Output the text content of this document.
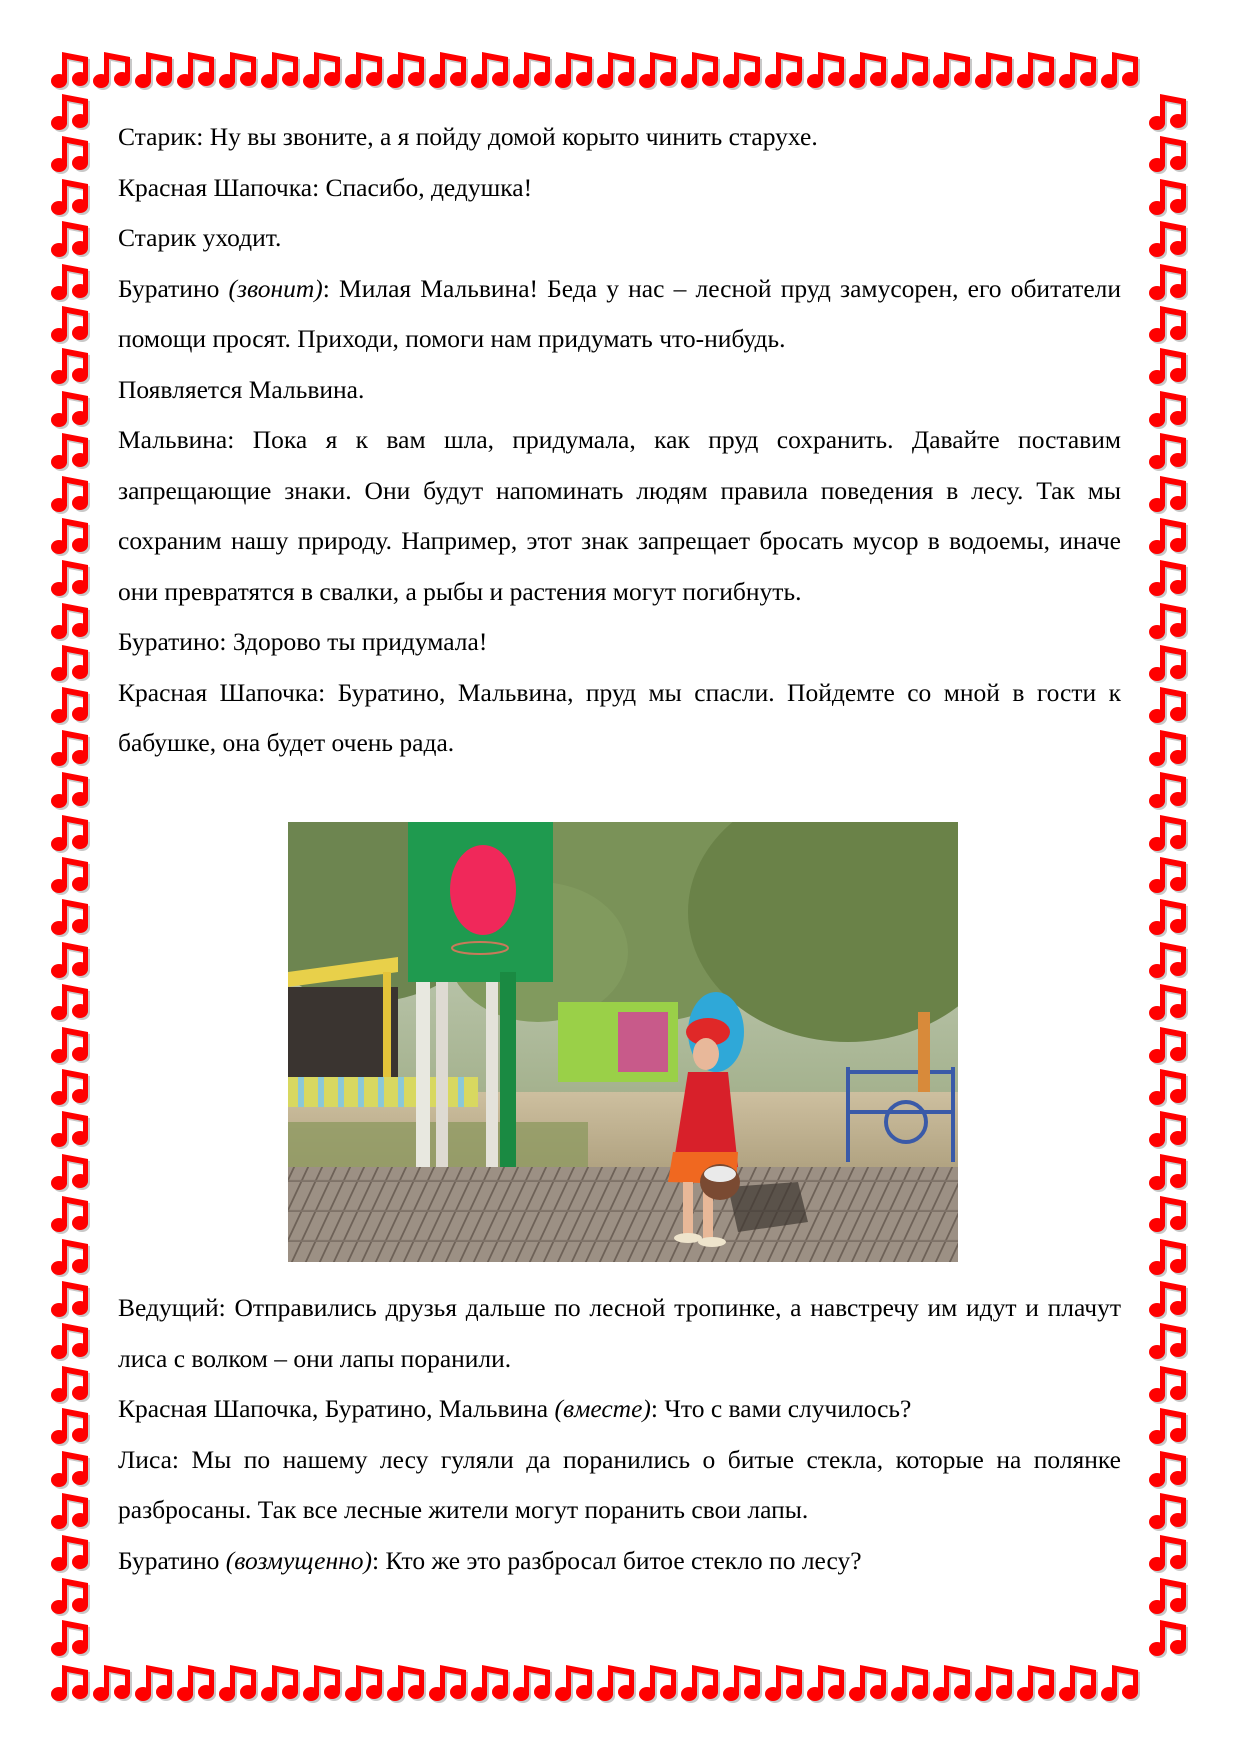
Старик: Ну вы звоните, а я пойду домой корыто чинить старухе.

Красная Шапочка: Спасибо, дедушка!

Старик уходит.

Буратино (звонит): Милая Мальвина! Беда у нас – лесной пруд замусорен, его обитатели помощи просят. Приходи, помоги нам придумать что-нибудь.

Появляется Мальвина.

Мальвина: Пока я к вам шла, придумала, как пруд сохранить. Давайте поставим запрещающие знаки. Они будут напоминать людям правила поведения в лесу. Так мы сохраним нашу природу. Например, этот знак запрещает бросать мусор в водоемы, иначе они превратятся в свалки, а рыбы и растения могут погибнуть.

Буратино: Здорово ты придумала!

Красная Шапочка: Буратино, Мальвина, пруд мы спасли. Пойдемте со мной в гости к бабушке, она будет очень рада.

Ведущий: Отправились друзья дальше по лесной тропинке, а навстречу им идут и плачут лиса с волком – они лапы поранили.

Красная Шапочка, Буратино, Мальвина (вместе): Что с вами случилось?

Лиса: Мы по нашему лесу гуляли да поранились о битые стекла, которые на полянке разбросаны. Так все лесные жители могут поранить свои лапы.

Буратино (возмущенно): Кто же это разбросал битое стекло по лесу?
